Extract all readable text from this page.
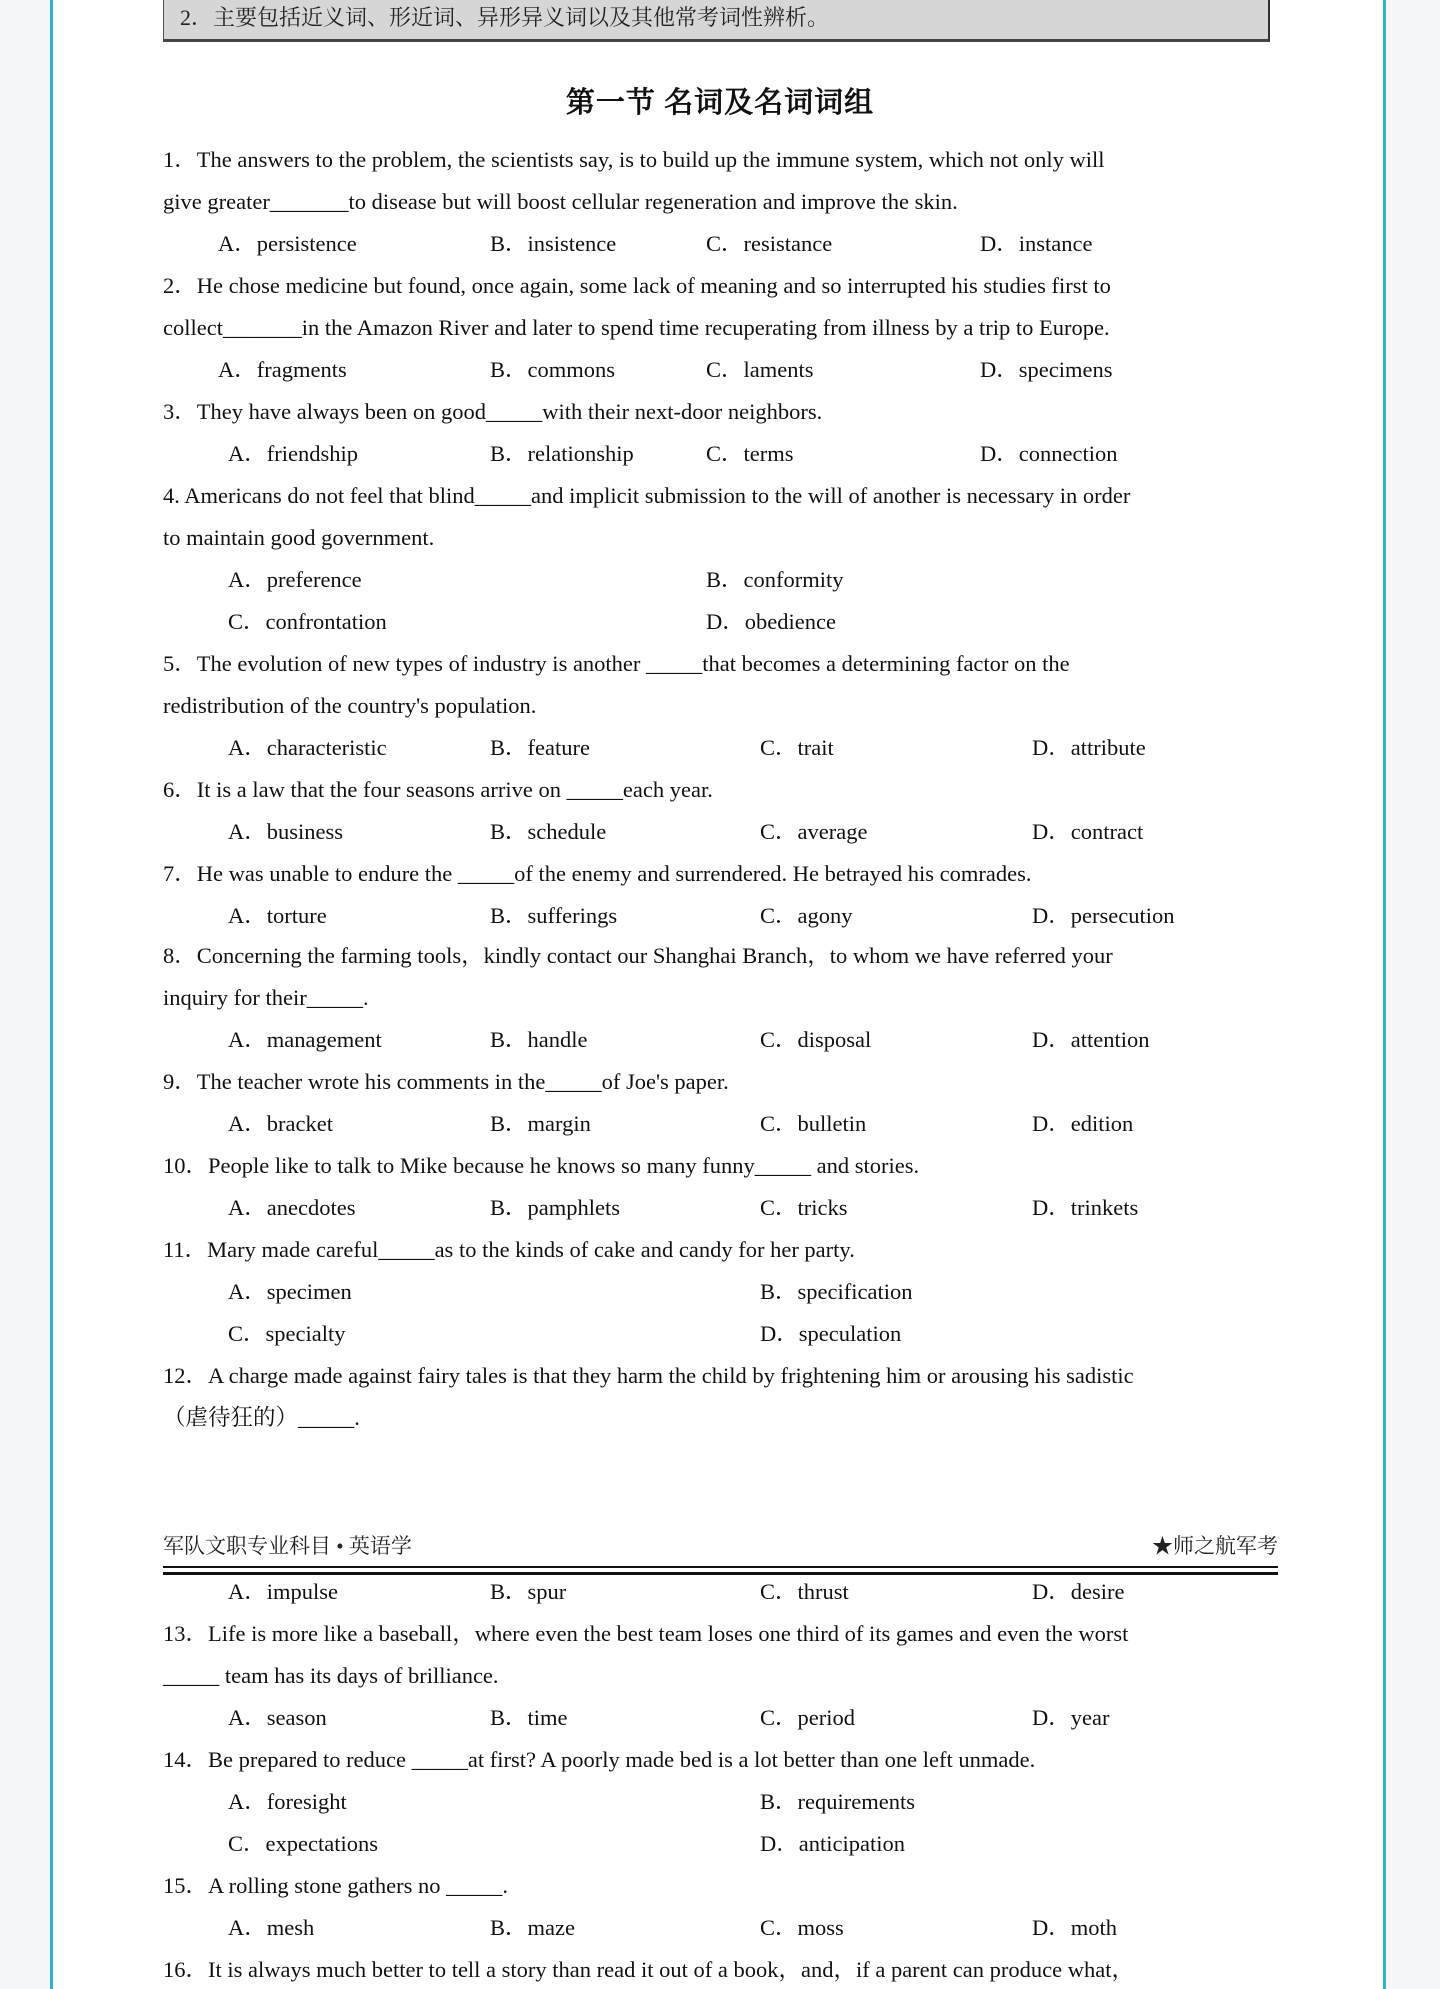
2．主要包括近义词、形近词、异形异义词以及其他常考词性辨析。
第一节 名词及名词词组
1．The answers to the problem, the scientists say, is to build up the immune system, which not only will
give greater_______to disease but will boost cellular regeneration and improve the skin.
A．persistence	B．insistence	C．resistance	D．instance
2．He chose medicine but found, once again, some lack of meaning and so interrupted his studies first to
collect_______in the Amazon River and later to spend time recuperating from illness by a trip to Europe.
A．fragments	B．commons	C．laments	D．specimens
3．They have always been on good_____with their next-door neighbors.
A．friendship	B．relationship	C．terms	D．connection
4. Americans do not feel that blind_____and implicit submission to the will of another is necessary in order
to maintain good government.
A．preference	B．conformity
C．confrontation	D．obedience
5．The evolution of new types of industry is another _____that becomes a determining factor on the
redistribution of the country's population.
A．characteristic	B．feature	C．trait	D．attribute
6．It is a law that the four seasons arrive on _____each year.
A．business	B．schedule	C．average	D．contract
7．He was unable to endure the _____of the enemy and surrendered. He betrayed his comrades.
A．torture	B．sufferings	C．agony	D．persecution
8．Concerning the farming tools，kindly contact our Shanghai Branch，to whom we have referred your
inquiry for their_____.
A．management	B．handle	C．disposal	D．attention
9．The teacher wrote his comments in the_____of Joe's paper.
A．bracket	B．margin	C．bulletin	D．edition
10．People like to talk to Mike because he knows so many funny_____ and stories.
A．anecdotes	B．pamphlets	C．tricks	D．trinkets
11．Mary made careful_____as to the kinds of cake and candy for her party.
A．specimen	B．specification
C．specialty	D．speculation
12．A charge made against fairy tales is that they harm the child by frightening him or arousing his sadistic
（虐待狂的）_____.
军队文职专业科目 • 英语学	★师之航军考
A．impulse	B．spur	C．thrust	D．desire
13．Life is more like a baseball，where even the best team loses one third of its games and even the worst
_____ team has its days of brilliance.
A．season	B．time	C．period	D．year
14．Be prepared to reduce _____at first? A poorly made bed is a lot better than one left unmade.
A．foresight	B．requirements
C．expectations	D．anticipation
15．A rolling stone gathers no _____.
A．mesh	B．maze	C．moss	D．moth
16．It is always much better to tell a story than read it out of a book，and，if a parent can produce what，
